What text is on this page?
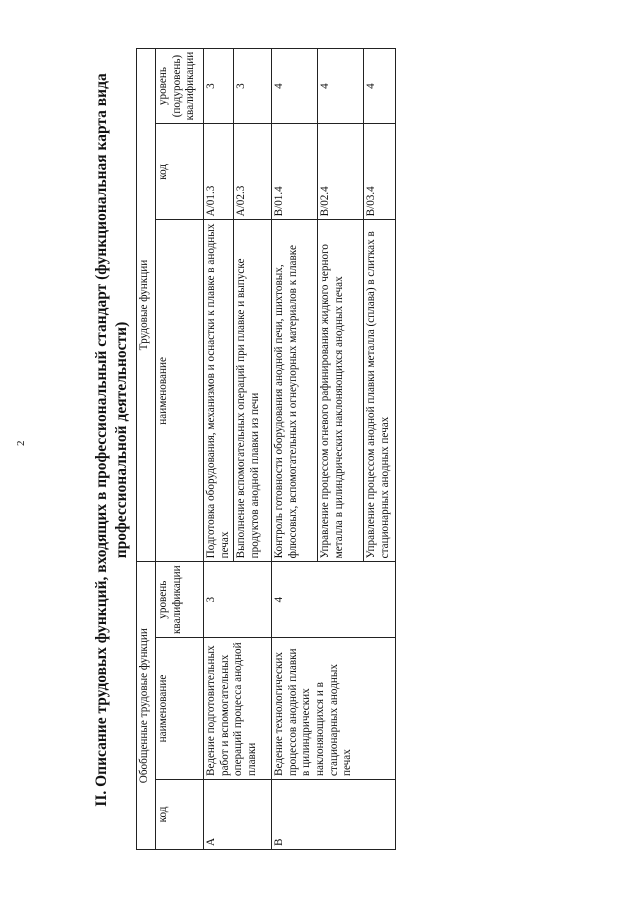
2	II. Описание трудовых функций, входящих в профессиональный стандарт (функциональная карта вида профессиональной деятельности)
Обобщенные трудовые функции			Трудовые функции		
код	наименование	уровень квалификации	наименование	код	уровень (подуровень) квалификации
А	Ведение подготовительных работ и вспомогательных операций процесса анодной плавки	3	Подготовка оборудования, механизмов и оснастки к плавке в анодных печах	А/01.3	3
			Выполнение вспомогательных операций при плавке и выпуске продуктов анодной плавки из печи	А/02.3	3
В	Ведение технологических процессов анодной плавки в цилиндрических наклоняющихся и в стационарных анодных печах	4	Контроль готовности оборудования анодной печи, шихтовых, флюсовых, вспомогательных и огнеупорных материалов к плавке	В/01.4	4
			Управление процессом огневого рафинирования жидкого черного металла в цилиндрических наклоняющихся анодных печах	В/02.4	4
			Управление процессом анодной плавки металла (сплава) в слитках в стационарных анодных печах	В/03.4	4
